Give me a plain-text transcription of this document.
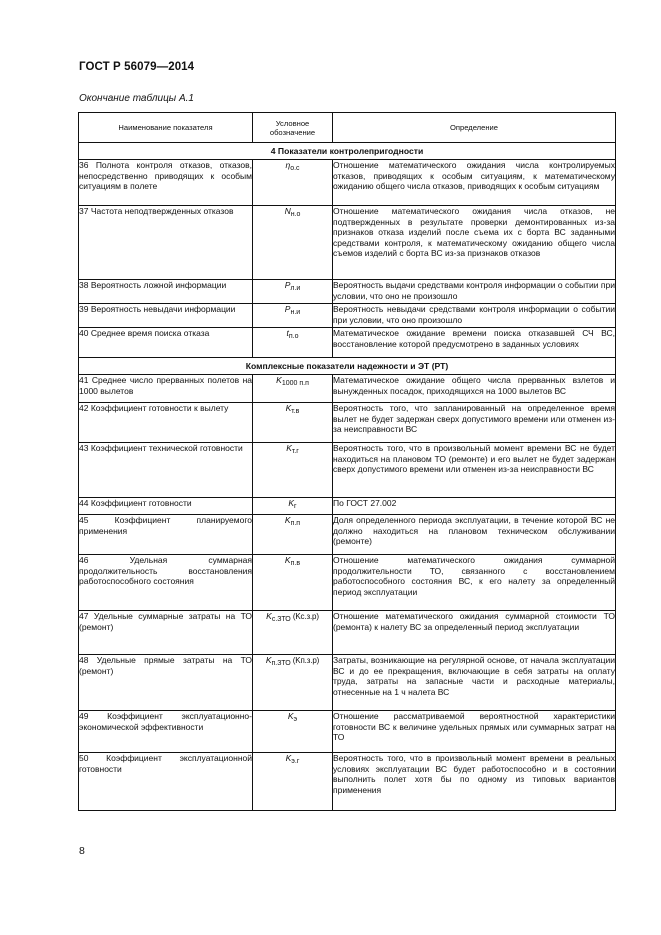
ГОСТ Р 56079—2014
Окончание таблицы А.1
Наименование показателя	Условное обозначение	Определение
4 Показатели контролепригодности		
36 Полнота контроля отказов, отказов, непосредственно приводящих к особым ситуациям в полете	$\eta_{о.с}$	Отношение математического ожидания числа контролируемых отказов, приводящих к особым ситуациям, к математическому ожиданию общего числа отказов, приводящих к особым ситуациям
37 Частота неподтвержденных отказов	$N_{н.о}$	Отношение математического ожидания числа отказов, не подтвержденных в результате проверки демонтированных из-за признаков отказа изделий после съема их с борта ВС заданными средствами контроля, к математическому ожиданию общего числа съемов изделий с борта ВС из-за признаков отказов
38 Вероятность ложной информации	$P_{л.и}$	Вероятность выдачи средствами контроля информации о событии при условии, что оно не произошло
39 Вероятность невыдачи информации	$P_{н.и}$	Вероятность невыдачи средствами контроля информации о событии при условии, что оно произошло
40 Среднее время поиска отказа	$t_{п.о}$	Математическое ожидание времени поиска отказавшей СЧ ВС, восстановление которой предусмотрено в заданных условиях
Комплексные показатели надежности и ЭТ (РТ)		
41 Среднее число прерванных полетов на 1000 вылетов	$K_{1000 п.п}$	Математическое ожидание общего числа прерванных взлетов и вынужденных посадок, приходящихся на 1000 вылетов ВС
42 Коэффициент готовности к вылету	$K_{т.в}$	Вероятность того, что запланированный на определенное время вылет не будет задержан сверх допустимого времени или отменен из-за неисправности ВС
43 Коэффициент технической готовности	$K_{т.г}$	Вероятность того, что в произвольный момент времени ВС не будет находиться на плановом ТО (ремонте) и его вылет не будет задержан сверх допустимого времени или отменен из-за неисправности ВС
44 Коэффициент готовности	$K_г$	По ГОСТ 27.002
45 Коэффициент планируемого применения	$K_{п.п}$	Доля определенного периода эксплуатации, в течение которой ВС не должно находиться на плановом техническом обслуживании (ремонте)
46 Удельная суммарная продолжительность восстановления работоспособного состояния	$K_{п.в}$	Отношение математического ожидания суммарной продолжительности ТО, связанного с восстановлением работоспособного состояния ВС, к его налету за определенный период эксплуатации
47 Удельные суммарные затраты на ТО (ремонт)	$K_{с.ЗТО}$ (Kс.з.р)	Отношение математического ожидания суммарной стоимости ТО (ремонта) к налету ВС за определенный период эксплуатации
48 Удельные прямые затраты на ТО (ремонт)	$K_{п.ЗТО}$ (Kп.з.р)	Затраты, возникающие на регулярной основе, от начала эксплуатации ВС и до ее прекращения, включающие в себя затраты на оплату труда, затраты на запасные части и расходные материалы, отнесенные на 1 ч налета ВС
49 Коэффициент эксплуатационно-экономической эффективности	$K_э$	Отношение рассматриваемой вероятностной характеристики готовности ВС к величине удельных прямых или суммарных затрат на ТО
50 Коэффициент эксплуатационной готовности	$K_{э.г}$	Вероятность того, что в произвольный момент времени в реальных условиях эксплуатации ВС будет работоспособно и в состоянии выполнить полет хотя бы по одному из типовых вариантов применения
8
